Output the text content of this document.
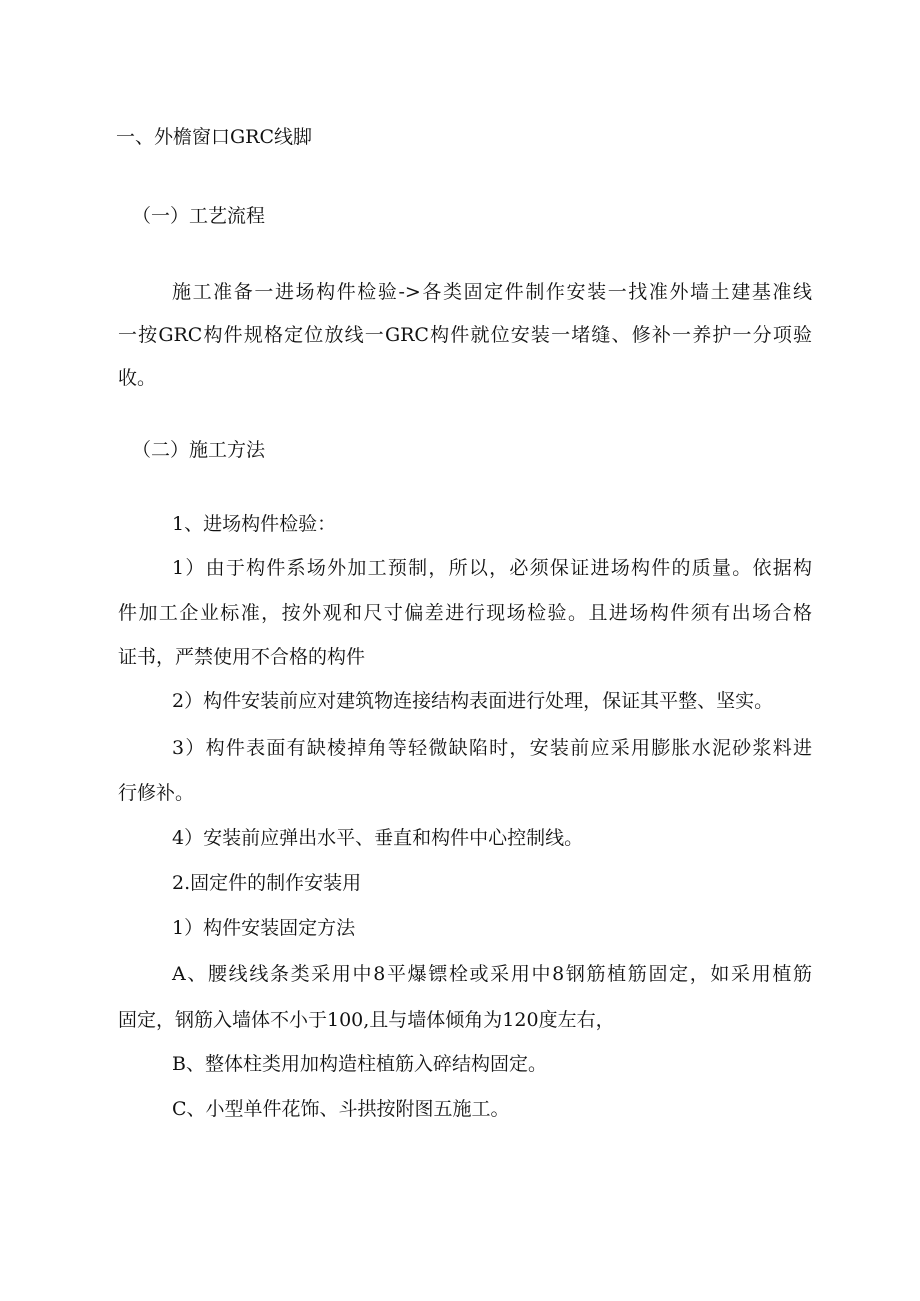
一、外檐窗口GRC线脚
（一）工艺流程
施工准备一进场构件检验->各类固定件制作安装一找准外墙土建基准线
一按GRC构件规格定位放线一GRC构件就位安装一堵缝、修补一养护一分项验
收。
（二）施工方法
1、进场构件检验：
1）由于构件系场外加工预制，所以，必须保证进场构件的质量。依据构
件加工企业标准，按外观和尺寸偏差进行现场检验。且进场构件须有出场合格
证书，严禁使用不合格的构件
2）构件安装前应对建筑物连接结构表面进行处理，保证其平整、坚实。
3）构件表面有缺棱掉角等轻微缺陷时，安装前应采用膨胀水泥砂浆料进
行修补。
4）安装前应弹出水平、垂直和构件中心控制线。
2.固定件的制作安装用
1）构件安装固定方法
A、腰线线条类采用中8平爆镖栓或采用中8钢筋植筋固定，如采用植筋
固定，钢筋入墙体不小于100,且与墙体倾角为120度左右，
B、整体柱类用加构造柱植筋入碎结构固定。
C、小型单件花饰、斗拱按附图五施工。
